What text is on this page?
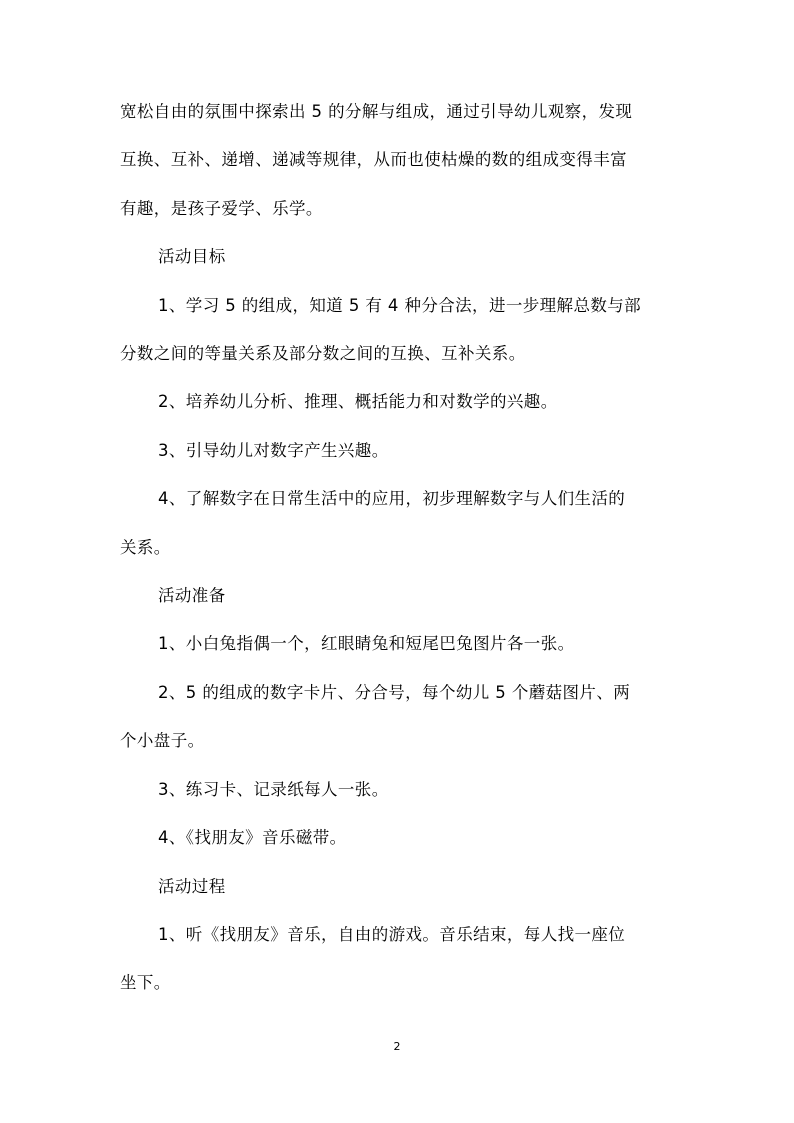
宽松自由的氛围中探索出 5 的分解与组成，通过引导幼儿观察，发现
互换、互补、递增、递减等规律，从而也使枯燥的数的组成变得丰富
有趣，是孩子爱学、乐学。

活动目标

1、学习 5 的组成，知道 5 有 4 种分合法，进一步理解总数与部
分数之间的等量关系及部分数之间的互换、互补关系。

2、培养幼儿分析、推理、概括能力和对数学的兴趣。

3、引导幼儿对数字产生兴趣。

4、了解数字在日常生活中的应用，初步理解数字与人们生活的
关系。

活动准备

1、小白兔指偶一个，红眼睛兔和短尾巴兔图片各一张。

2、5 的组成的数字卡片、分合号，每个幼儿 5 个蘑菇图片、两
个小盘子。

3、练习卡、记录纸每人一张。

4、《找朋友》音乐磁带。

活动过程

1、听《找朋友》音乐，自由的游戏。音乐结束，每人找一座位
坐下。

2
